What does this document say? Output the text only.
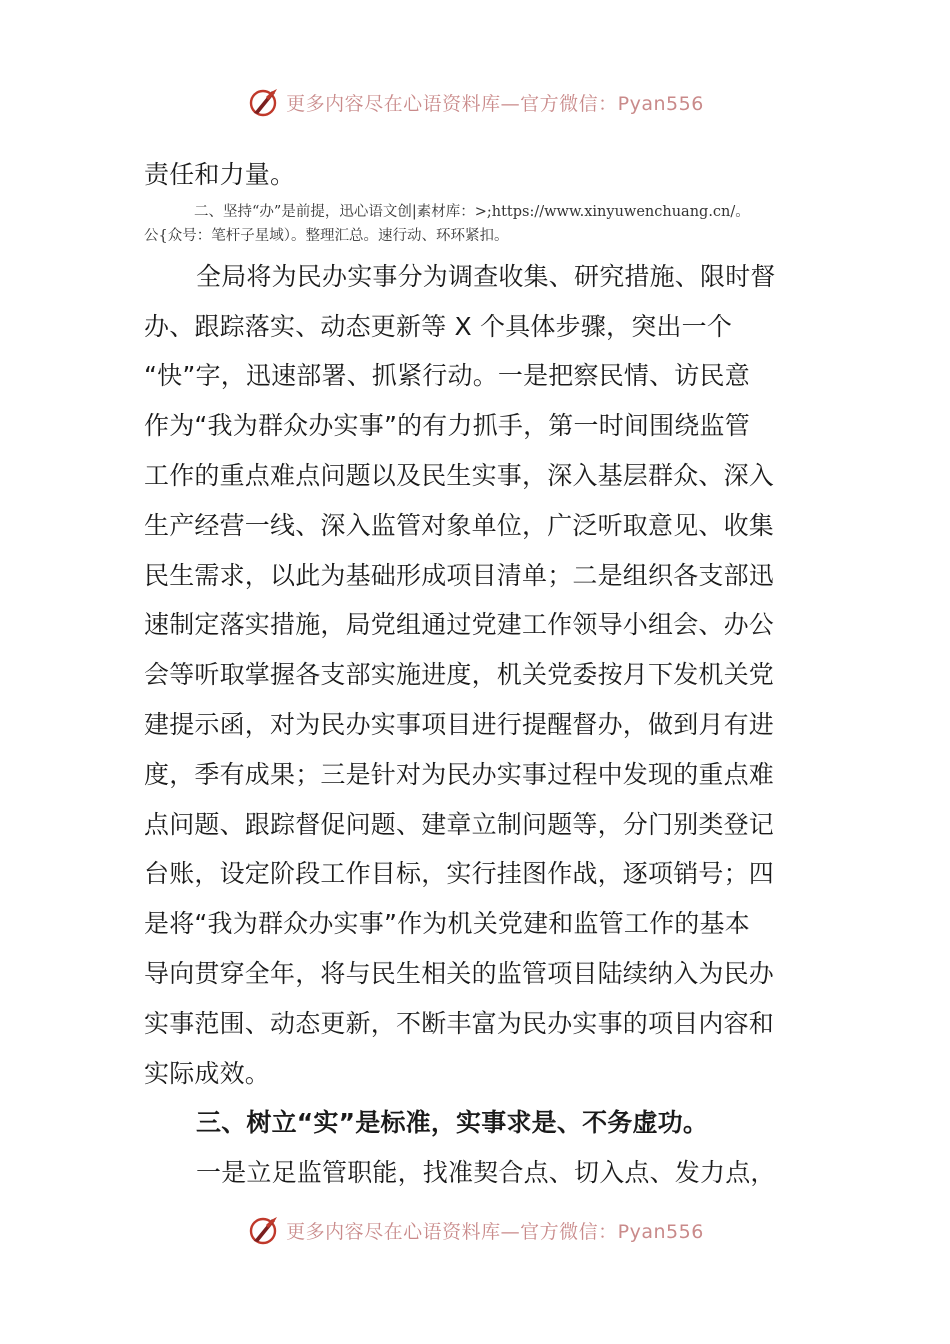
更多内容尽在心语资料库—官方微信：Pyan556
责任和力量。
二、坚持“办”是前提，迅心语文创|素材库：>;https://www.xinyuwenchuang.cn/。
公{众号：笔杆子星域）。整理汇总。速行动、环环紧扣。
全局将为民办实事分为调查收集、研究措施、限时督
办、跟踪落实、动态更新等 X 个具体步骤，突出一个
“快”字，迅速部署、抓紧行动。一是把察民情、访民意
作为“我为群众办实事”的有力抓手，第一时间围绕监管
工作的重点难点问题以及民生实事，深入基层群众、深入
生产经营一线、深入监管对象单位，广泛听取意见、收集
民生需求，以此为基础形成项目清单；二是组织各支部迅
速制定落实措施，局党组通过党建工作领导小组会、办公
会等听取掌握各支部实施进度，机关党委按月下发机关党
建提示函，对为民办实事项目进行提醒督办，做到月有进
度，季有成果；三是针对为民办实事过程中发现的重点难
点问题、跟踪督促问题、建章立制问题等，分门别类登记
台账，设定阶段工作目标，实行挂图作战，逐项销号；四
是将“我为群众办实事”作为机关党建和监管工作的基本
导向贯穿全年，将与民生相关的监管项目陆续纳入为民办
实事范围、动态更新，不断丰富为民办实事的项目内容和
实际成效。
三、树立“实”是标准，实事求是、不务虚功。
一是立足监管职能，找准契合点、切入点、发力点，
更多内容尽在心语资料库—官方微信：Pyan556
